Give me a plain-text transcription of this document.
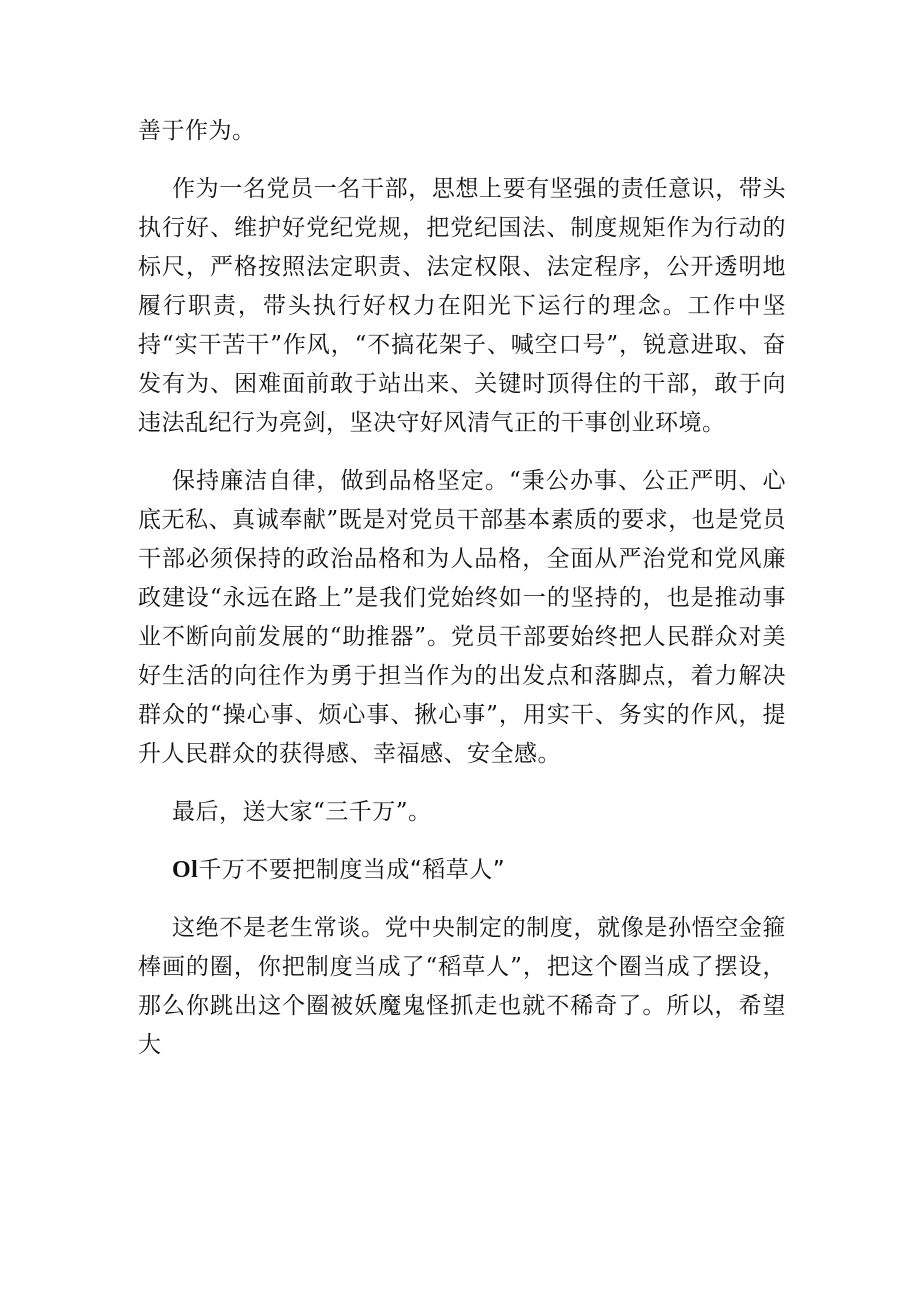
善于作为。

作为一名党员一名干部，思想上要有坚强的责任意识，带头执行好、维护好党纪党规，把党纪国法、制度规矩作为行动的标尺，严格按照法定职责、法定权限、法定程序，公开透明地履行职责，带头执行好权力在阳光下运行的理念。工作中坚持“实干苦干”作风，“不搞花架子、喊空口号”，锐意进取、奋发有为、困难面前敢于站出来、关键时顶得住的干部，敢于向违法乱纪行为亮剑，坚决守好风清气正的干事创业环境。

保持廉洁自律，做到品格坚定。“秉公办事、公正严明、心底无私、真诚奉献”既是对党员干部基本素质的要求，也是党员干部必须保持的政治品格和为人品格，全面从严治党和党风廉政建设“永远在路上”是我们党始终如一的坚持的，也是推动事业不断向前发展的“助推器”。党员干部要始终把人民群众对美好生活的向往作为勇于担当作为的出发点和落脚点，着力解决群众的“操心事、烦心事、揪心事”，用实干、务实的作风，提升人民群众的获得感、幸福感、安全感。

最后，送大家“三千万”。

Ol千万不要把制度当成“稻草人”

这绝不是老生常谈。党中央制定的制度，就像是孙悟空金箍棒画的圈，你把制度当成了“稻草人”，把这个圈当成了摆设，那么你跳出这个圈被妖魔鬼怪抓走也就不稀奇了。所以，希望大
